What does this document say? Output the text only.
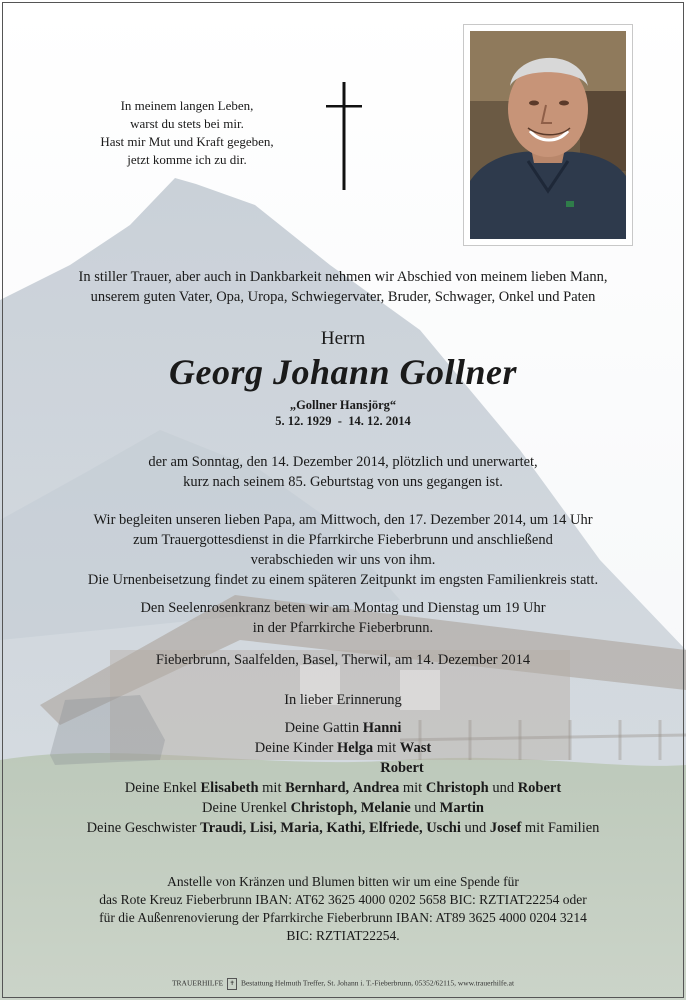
In meinem langen Leben,
warst du stets bei mir.
Hast mir Mut und Kraft gegeben,
jetzt komme ich zu dir.
In stiller Trauer, aber auch in Dankbarkeit nehmen wir Abschied von meinem lieben Mann,
unserem guten Vater, Opa, Uropa, Schwiegervater, Bruder, Schwager, Onkel und Paten
Herrn
Georg Johann Gollner
„Gollner Hansjörg“
5. 12. 1929  -  14. 12. 2014
der am Sonntag, den 14. Dezember 2014, plötzlich und unerwartet,
kurz nach seinem 85. Geburtstag von uns gegangen ist.
Wir begleiten unseren lieben Papa, am Mittwoch, den 17. Dezember 2014, um 14 Uhr
zum Trauergottesdienst in die Pfarrkirche Fieberbrunn und anschließend
verabschieden wir uns von ihm.
Die Urnenbeisetzung findet zu einem späteren Zeitpunkt im engsten Familienkreis statt.
Den Seelenrosenkranz beten wir am Montag und Dienstag um 19 Uhr
in der Pfarrkirche Fieberbrunn.
Fieberbrunn, Saalfelden, Basel, Therwil, am 14. Dezember 2014
In lieber Erinnerung
Deine Gattin Hanni
Deine Kinder Helga mit Wast
Robert
Deine Enkel Elisabeth mit Bernhard, Andrea mit Christoph und Robert
Deine Urenkel Christoph, Melanie und Martin
Deine Geschwister Traudi, Lisi, Maria, Kathi, Elfriede, Uschi und Josef mit Familien
Anstelle von Kränzen und Blumen bitten wir um eine Spende für
das Rote Kreuz Fieberbrunn IBAN: AT62 3625 4000 0202 5658 BIC: RZTIAT22254 oder
für die Außenrenovierung der Pfarrkirche Fieberbrunn IBAN: AT89 3625 4000 0204 3214
BIC: RZTIAT22254.
TRAUERHILFE ✝ Bestattung Helmuth Treffer, St. Johann i. T.-Fieberbrunn, 05352/62115, www.trauerhilfe.at
